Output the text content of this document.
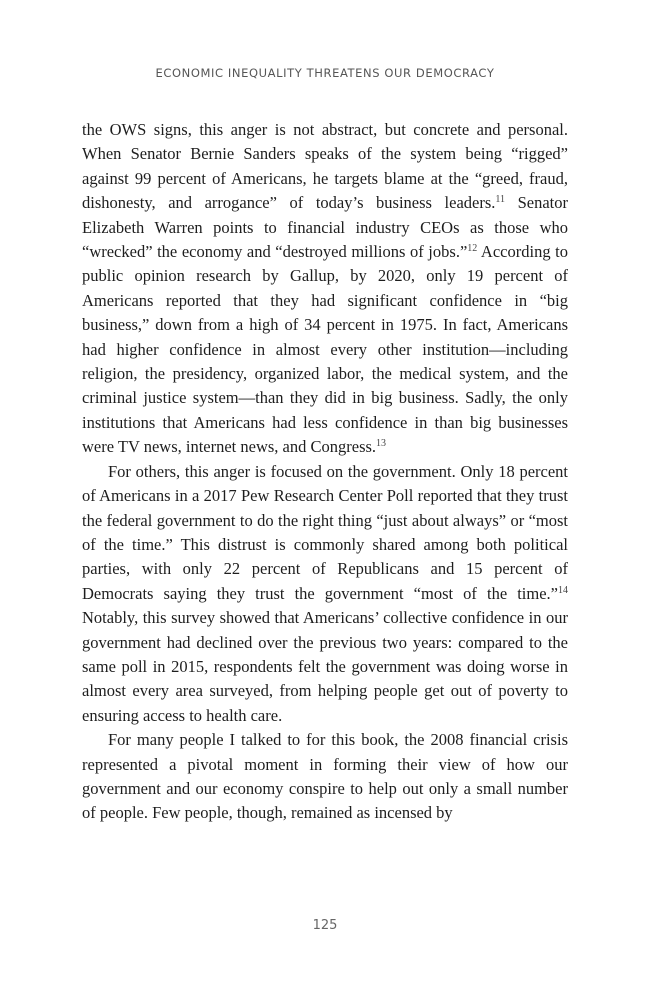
ECONOMIC INEQUALITY THREATENS OUR DEMOCRACY

the OWS signs, this anger is not abstract, but concrete and personal. When Senator Bernie Sanders speaks of the system being “rigged” against 99 percent of Americans, he targets blame at the “greed, fraud, dishonesty, and arrogance” of today’s business leaders.$^{11}$ Senator Elizabeth Warren points to financial industry CEOs as those who “wrecked” the economy and “destroyed millions of jobs.”$^{12}$ According to public opinion research by Gallup, by 2020, only 19 percent of Americans reported that they had significant confidence in “big business,” down from a high of 34 percent in 1975. In fact, Americans had higher confidence in almost every other institution—including religion, the presidency, organized labor, the medical system, and the criminal justice system—than they did in big business. Sadly, the only institutions that Americans had less confidence in than big businesses were TV news, internet news, and Congress.$^{13}$

For others, this anger is focused on the government. Only 18 percent of Americans in a 2017 Pew Research Center Poll reported that they trust the federal government to do the right thing “just about always” or “most of the time.” This distrust is commonly shared among both political parties, with only 22 percent of Republicans and 15 percent of Democrats saying they trust the government “most of the time.”$^{14}$ Notably, this survey showed that Americans’ collective confidence in our government had declined over the previous two years: compared to the same poll in 2015, respondents felt the government was doing worse in almost every area surveyed, from helping people get out of poverty to ensuring access to health care.

For many people I talked to for this book, the 2008 financial crisis represented a pivotal moment in forming their view of how our government and our economy conspire to help out only a small number of people. Few people, though, remained as incensed by

125
